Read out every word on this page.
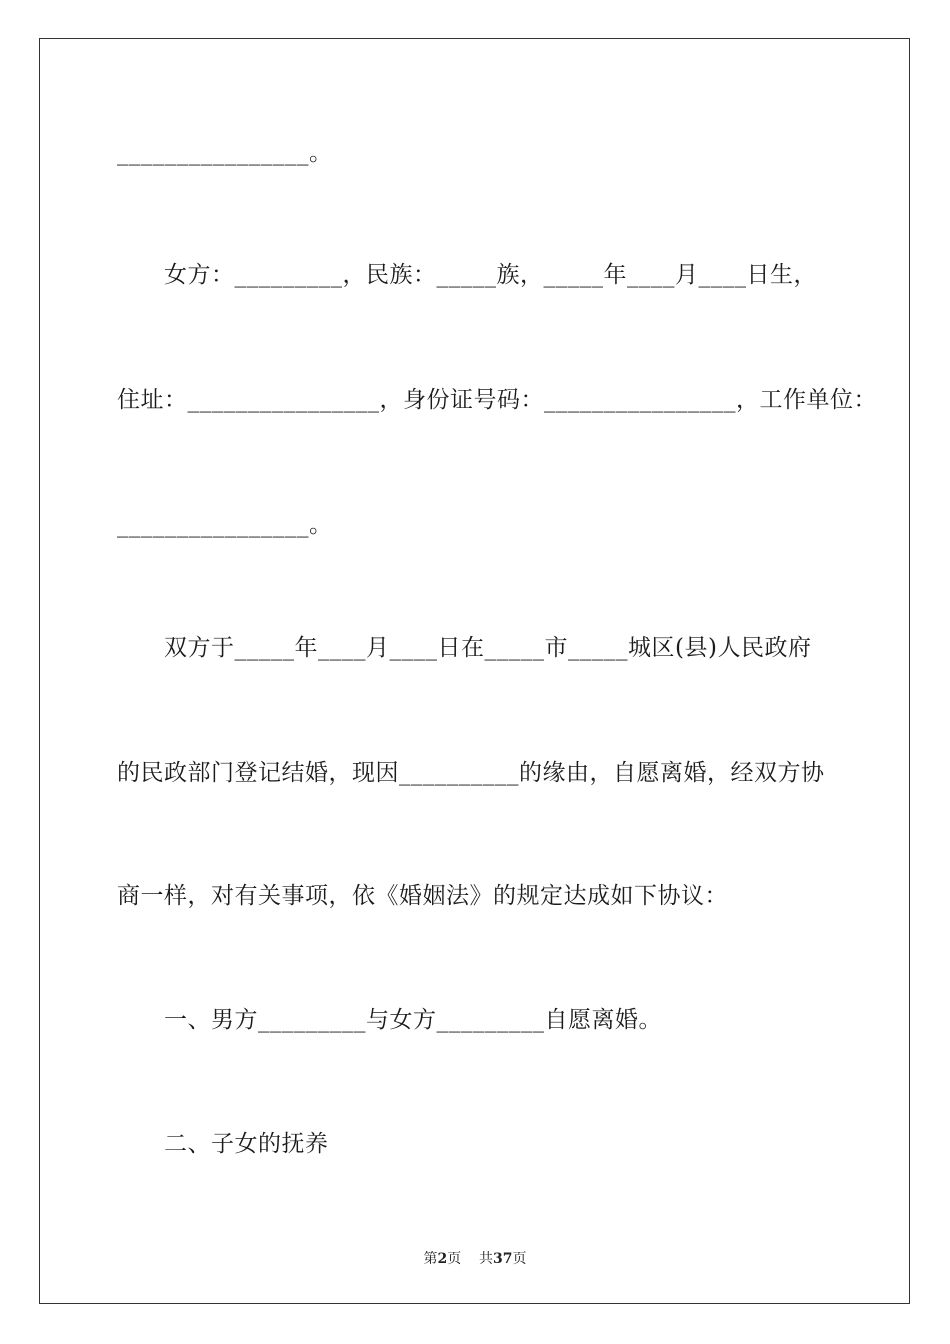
________________。
女方：_________，民族：_____族，_____年____月____日生，
住址：________________，身份证号码：________________，工作单位：
________________。
双方于_____年____月____日在_____市_____城区(县)人民政府
的民政部门登记结婚，现因__________的缘由，自愿离婚，经双方协
商一样，对有关事项，依《婚姻法》的规定达成如下协议：
一、男方_________与女方_________自愿离婚。
二、子女的抚养
第2页 共37页
